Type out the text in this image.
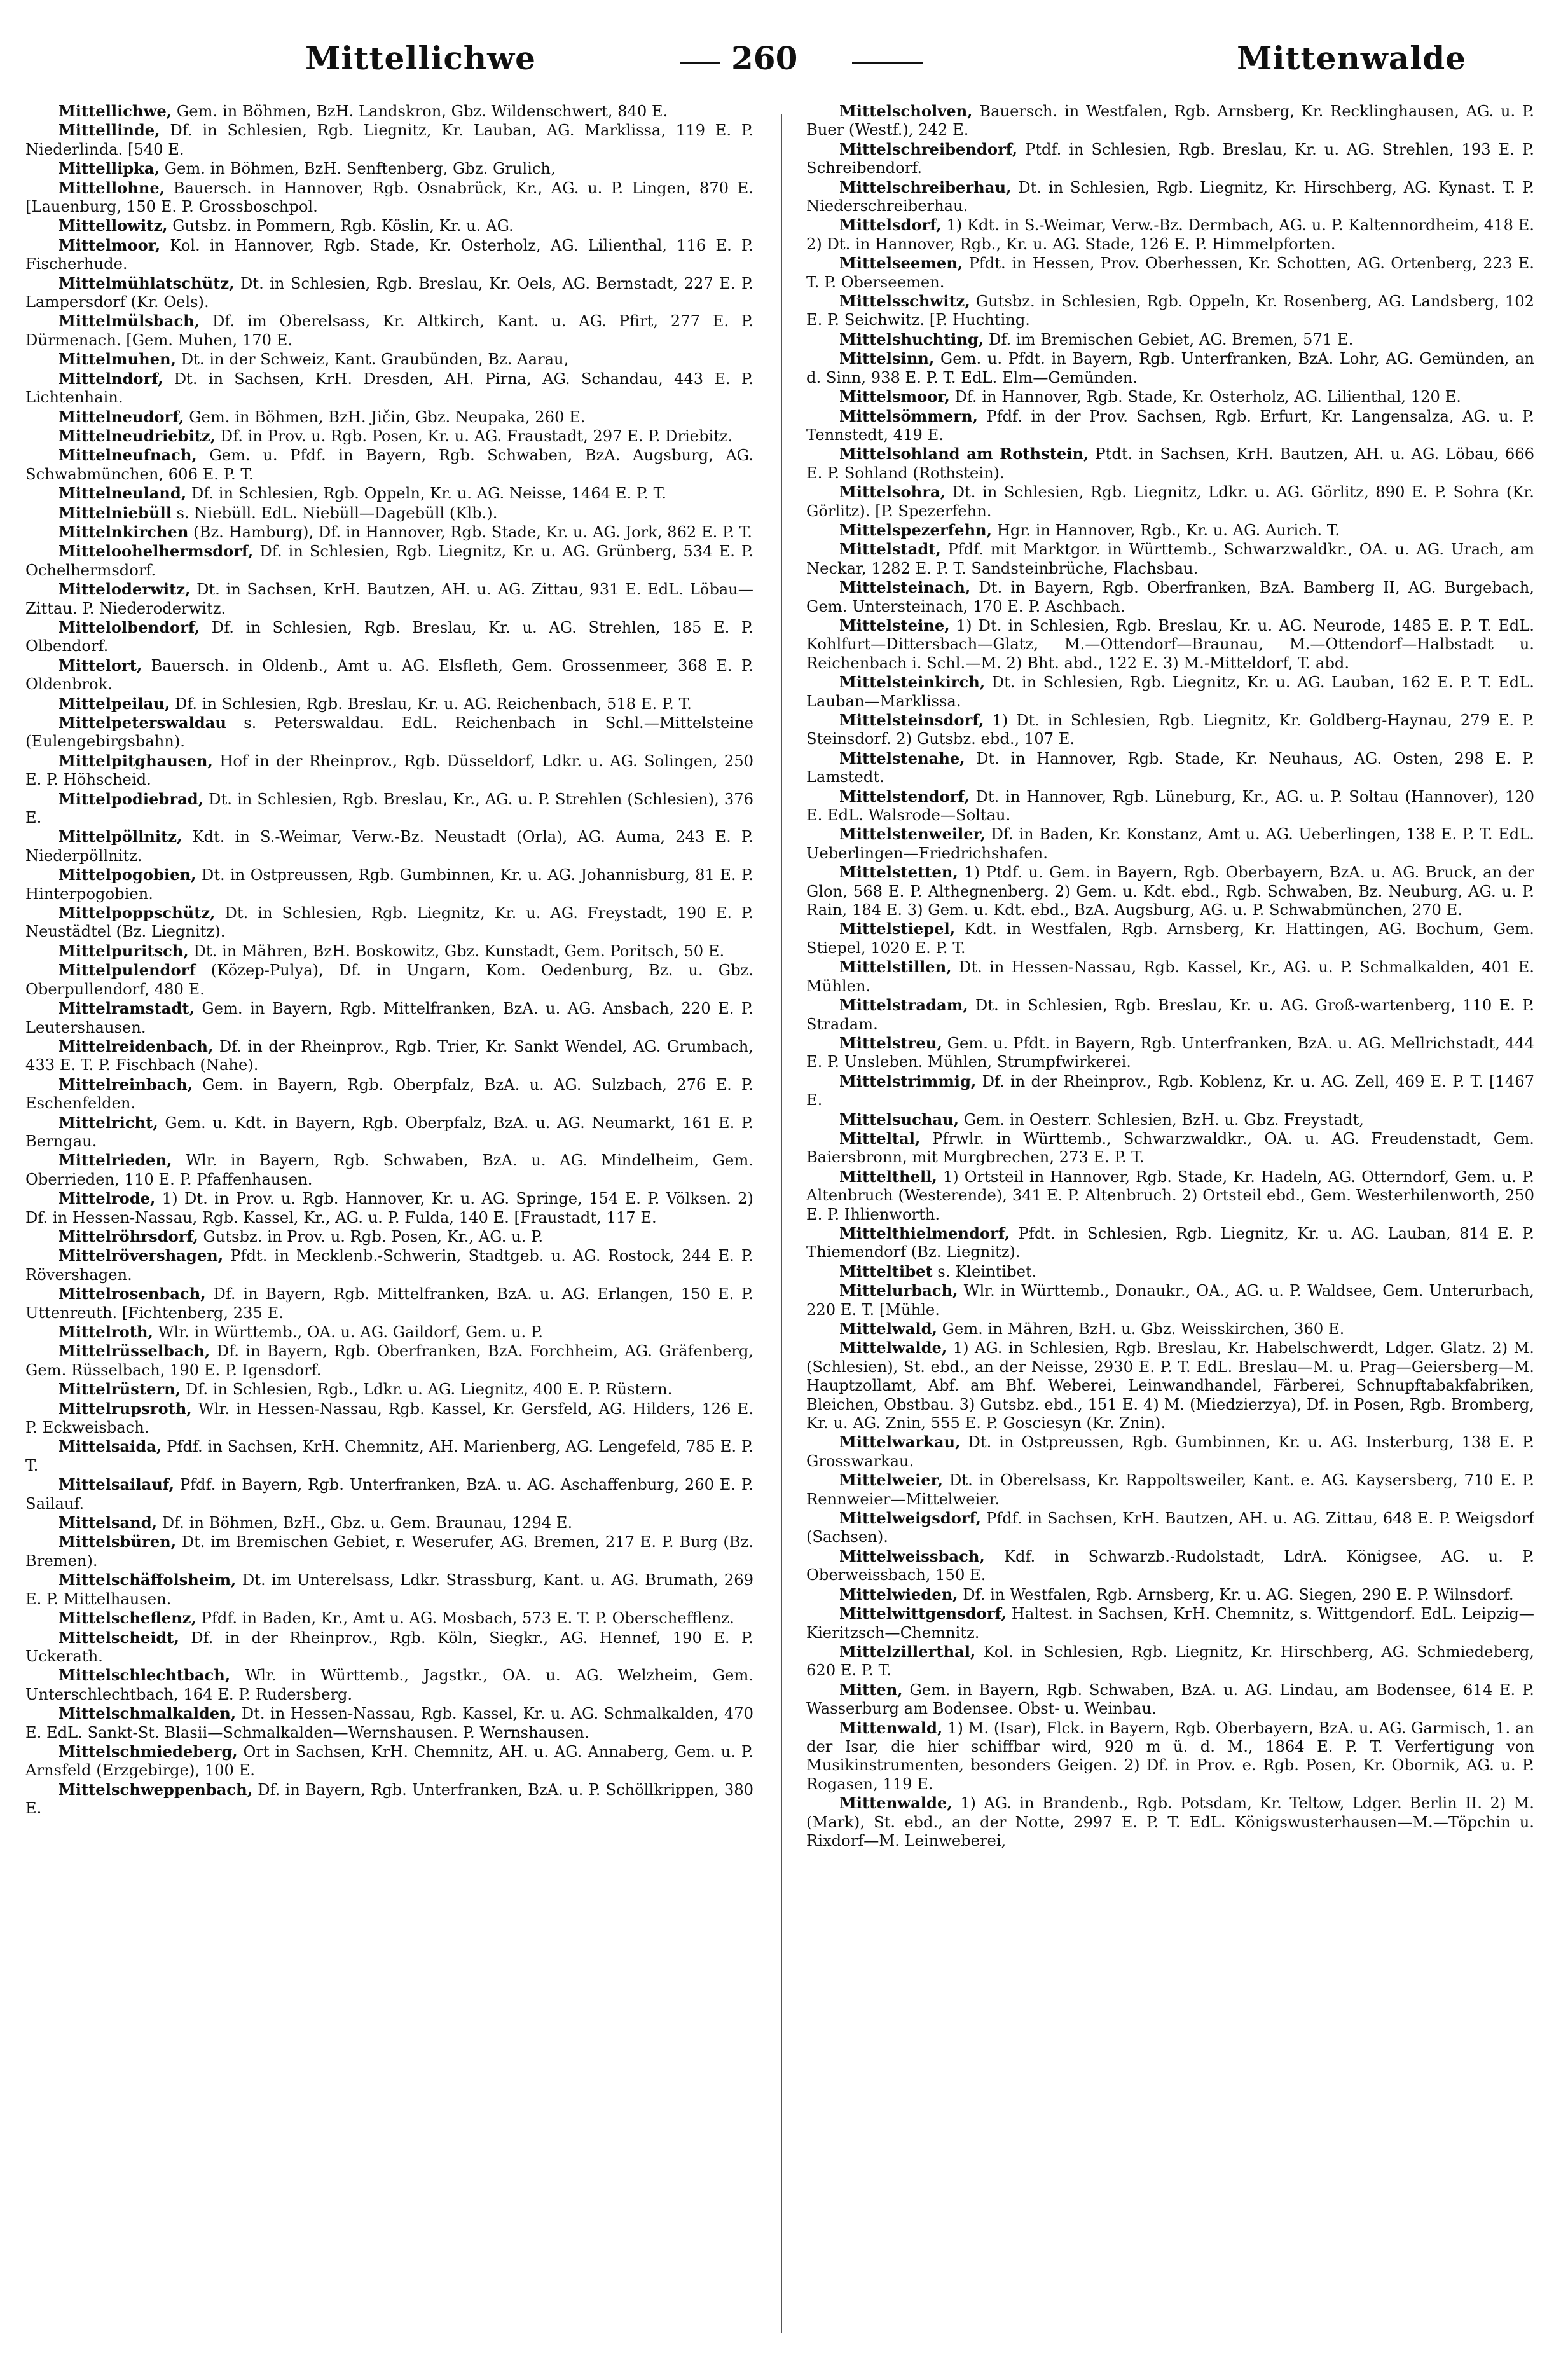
Mittellichwe	260	Mittenwalde

Mittellichwe, Gem. in Böhmen, BzH. Landskron, Gbz. Wildenschwert, 840 E.

Mittellinde, Df. in Schlesien, Rgb. Liegnitz, Kr. Lauban, AG. Marklissa, 119 E. P. Niederlinda. [540 E.

Mittellipka, Gem. in Böhmen, BzH. Senftenberg, Gbz. Grulich,

Mittellohne, Bauersch. in Hannover, Rgb. Osnabrück, Kr., AG. u. P. Lingen, 870 E. [Lauenburg, 150 E. P. Grossboschpol.

Mittellowitz, Gutsbz. in Pommern, Rgb. Köslin, Kr. u. AG.

Mittelmoor, Kol. in Hannover, Rgb. Stade, Kr. Osterholz, AG. Lilienthal, 116 E. P. Fischerhude.

Mittelmühlatschütz, Dt. in Schlesien, Rgb. Breslau, Kr. Oels, AG. Bernstadt, 227 E. P. Lampersdorf (Kr. Oels).

Mittelmülsbach, Df. im Oberelsass, Kr. Altkirch, Kant. u. AG. Pfirt, 277 E. P. Dürmenach. [Gem. Muhen, 170 E.

Mittelmuhen, Dt. in der Schweiz, Kant. Graubünden, Bz. Aarau,

Mittelndorf, Dt. in Sachsen, KrH. Dresden, AH. Pirna, AG. Schandau, 443 E. P. Lichtenhain.

Mittelneudorf, Gem. in Böhmen, BzH. Jičin, Gbz. Neupaka, 260 E.

Mittelneudriebitz, Df. in Prov. u. Rgb. Posen, Kr. u. AG. Fraustadt, 297 E. P. Driebitz.

Mittelneufnach, Gem. u. Pfdf. in Bayern, Rgb. Schwaben, BzA. Augsburg, AG. Schwabmünchen, 606 E. P. T.

Mittelneuland, Df. in Schlesien, Rgb. Oppeln, Kr. u. AG. Neisse, 1464 E. P. T.

Mittelniebüll s. Niebüll. EdL. Niebüll—Dagebüll (Klb.).

Mittelnkirchen (Bz. Hamburg), Df. in Hannover, Rgb. Stade, Kr. u. AG. Jork, 862 E. P. T.

Mitteloohelhermsdorf, Df. in Schlesien, Rgb. Liegnitz, Kr. u. AG. Grünberg, 534 E. P. Ochelhermsdorf.

Mitteloderwitz, Dt. in Sachsen, KrH. Bautzen, AH. u. AG. Zittau, 931 E. EdL. Löbau—Zittau. P. Niederoderwitz.

Mittelolbendorf, Df. in Schlesien, Rgb. Breslau, Kr. u. AG. Strehlen, 185 E. P. Olbendorf.

Mittelort, Bauersch. in Oldenb., Amt u. AG. Elsfleth, Gem. Grossenmeer, 368 E. P. Oldenbrok.

Mittelpeilau, Df. in Schlesien, Rgb. Breslau, Kr. u. AG. Reichenbach, 518 E. P. T.

Mittelpeterswaldau s. Peterswaldau. EdL. Reichenbach in Schl.—Mittelsteine (Eulengebirgsbahn).

Mittelpitghausen, Hof in der Rheinprov., Rgb. Düsseldorf, Ldkr. u. AG. Solingen, 250 E. P. Höhscheid.

Mittelpodiebrad, Dt. in Schlesien, Rgb. Breslau, Kr., AG. u. P. Strehlen (Schlesien), 376 E.

Mittelpöllnitz, Kdt. in S.-Weimar, Verw.-Bz. Neustadt (Orla), AG. Auma, 243 E. P. Niederpöllnitz.

Mittelpogobien, Dt. in Ostpreussen, Rgb. Gumbinnen, Kr. u. AG. Johannisburg, 81 E. P. Hinterpogobien.

Mittelpoppschütz, Dt. in Schlesien, Rgb. Liegnitz, Kr. u. AG. Freystadt, 190 E. P. Neustädtel (Bz. Liegnitz).

Mittelpuritsch, Dt. in Mähren, BzH. Boskowitz, Gbz. Kunstadt, Gem. Poritsch, 50 E.

Mittelpulendorf (Közep-Pulya), Df. in Ungarn, Kom. Oedenburg, Bz. u. Gbz. Oberpullendorf, 480 E.

Mittelramstadt, Gem. in Bayern, Rgb. Mittelfranken, BzA. u. AG. Ansbach, 220 E. P. Leutershausen.

Mittelreidenbach, Df. in der Rheinprov., Rgb. Trier, Kr. Sankt Wendel, AG. Grumbach, 433 E. T. P. Fischbach (Nahe).

Mittelreinbach, Gem. in Bayern, Rgb. Oberpfalz, BzA. u. AG. Sulzbach, 276 E. P. Eschenfelden.

Mittelricht, Gem. u. Kdt. in Bayern, Rgb. Oberpfalz, BzA. u. AG. Neumarkt, 161 E. P. Berngau.

Mittelrieden, Wlr. in Bayern, Rgb. Schwaben, BzA. u. AG. Mindelheim, Gem. Oberrieden, 110 E. P. Pfaffenhausen.

Mittelrode, 1) Dt. in Prov. u. Rgb. Hannover, Kr. u. AG. Springe, 154 E. P. Völksen. 2) Df. in Hessen-Nassau, Rgb. Kassel, Kr., AG. u. P. Fulda, 140 E. [Fraustadt, 117 E.

Mittelröhrsdorf, Gutsbz. in Prov. u. Rgb. Posen, Kr., AG. u. P.

Mittelrövershagen, Pfdt. in Mecklenb.-Schwerin, Stadtgeb. u. AG. Rostock, 244 E. P. Rövershagen.

Mittelrosenbach, Df. in Bayern, Rgb. Mittelfranken, BzA. u. AG. Erlangen, 150 E. P. Uttenreuth. [Fichtenberg, 235 E.

Mittelroth, Wlr. in Württemb., OA. u. AG. Gaildorf, Gem. u. P.

Mittelrüsselbach, Df. in Bayern, Rgb. Oberfranken, BzA. Forchheim, AG. Gräfenberg, Gem. Rüsselbach, 190 E. P. Igensdorf.

Mittelrüstern, Df. in Schlesien, Rgb., Ldkr. u. AG. Liegnitz, 400 E. P. Rüstern.

Mittelrupsroth, Wlr. in Hessen-Nassau, Rgb. Kassel, Kr. Gersfeld, AG. Hilders, 126 E. P. Eckweisbach.

Mittelsaida, Pfdf. in Sachsen, KrH. Chemnitz, AH. Marienberg, AG. Lengefeld, 785 E. P. T.

Mittelsailauf, Pfdf. in Bayern, Rgb. Unterfranken, BzA. u. AG. Aschaffenburg, 260 E. P. Sailauf.

Mittelsand, Df. in Böhmen, BzH., Gbz. u. Gem. Braunau, 1294 E.

Mittelsbüren, Dt. im Bremischen Gebiet, r. Weserufer, AG. Bremen, 217 E. P. Burg (Bz. Bremen).

Mittelschäffolsheim, Dt. im Unterelsass, Ldkr. Strassburg, Kant. u. AG. Brumath, 269 E. P. Mittelhausen.

Mittelscheflenz, Pfdf. in Baden, Kr., Amt u. AG. Mosbach, 573 E. T. P. Oberschefflenz.

Mittelscheidt, Df. in der Rheinprov., Rgb. Köln, Siegkr., AG. Hennef, 190 E. P. Uckerath.

Mittelschlechtbach, Wlr. in Württemb., Jagstkr., OA. u. AG. Welzheim, Gem. Unterschlechtbach, 164 E. P. Rudersberg.

Mittelschmalkalden, Dt. in Hessen-Nassau, Rgb. Kassel, Kr. u. AG. Schmalkalden, 470 E. EdL. Sankt-St. Blasii—Schmalkalden—Wernshausen. P. Wernshausen.

Mittelschmiedeberg, Ort in Sachsen, KrH. Chemnitz, AH. u. AG. Annaberg, Gem. u. P. Arnsfeld (Erzgebirge), 100 E.

Mittelschweppenbach, Df. in Bayern, Rgb. Unterfranken, BzA. u. P. Schöllkrippen, 380 E.

Mittelscholven, Bauersch. in Westfalen, Rgb. Arnsberg, Kr. Recklinghausen, AG. u. P. Buer (Westf.), 242 E.

Mittelschreibendorf, Ptdf. in Schlesien, Rgb. Breslau, Kr. u. AG. Strehlen, 193 E. P. Schreibendorf.

Mittelschreiberhau, Dt. in Schlesien, Rgb. Liegnitz, Kr. Hirschberg, AG. Kynast. T. P. Niederschreiberhau.

Mittelsdorf, 1) Kdt. in S.-Weimar, Verw.-Bz. Dermbach, AG. u. P. Kaltennordheim, 418 E. 2) Dt. in Hannover, Rgb., Kr. u. AG. Stade, 126 E. P. Himmelpforten.

Mittelseemen, Pfdt. in Hessen, Prov. Oberhessen, Kr. Schotten, AG. Ortenberg, 223 E. T. P. Oberseemen.

Mittelsschwitz, Gutsbz. in Schlesien, Rgb. Oppeln, Kr. Rosenberg, AG. Landsberg, 102 E. P. Seichwitz. [P. Huchting.

Mittelshuchting, Df. im Bremischen Gebiet, AG. Bremen, 571 E.

Mittelsinn, Gem. u. Pfdt. in Bayern, Rgb. Unterfranken, BzA. Lohr, AG. Gemünden, an d. Sinn, 938 E. P. T. EdL. Elm—Gemünden.

Mittelsmoor, Df. in Hannover, Rgb. Stade, Kr. Osterholz, AG. Lilienthal, 120 E.

Mittelsömmern, Pfdf. in der Prov. Sachsen, Rgb. Erfurt, Kr. Langensalza, AG. u. P. Tennstedt, 419 E.

Mittelsohland am Rothstein, Ptdt. in Sachsen, KrH. Bautzen, AH. u. AG. Löbau, 666 E. P. Sohland (Rothstein).

Mittelsohra, Dt. in Schlesien, Rgb. Liegnitz, Ldkr. u. AG. Görlitz, 890 E. P. Sohra (Kr. Görlitz). [P. Spezerfehn.

Mittelspezerfehn, Hgr. in Hannover, Rgb., Kr. u. AG. Aurich. T.

Mittelstadt, Pfdf. mit Marktgor. in Württemb., Schwarzwaldkr., OA. u. AG. Urach, am Neckar, 1282 E. P. T. Sandsteinbrüche, Flachsbau.

Mittelsteinach, Dt. in Bayern, Rgb. Oberfranken, BzA. Bamberg II, AG. Burgebach, Gem. Untersteinach, 170 E. P. Aschbach.

Mittelsteine, 1) Dt. in Schlesien, Rgb. Breslau, Kr. u. AG. Neurode, 1485 E. P. T. EdL. Kohlfurt—Dittersbach—Glatz, M.—Ottendorf—Braunau, M.—Ottendorf—Halbstadt u. Reichenbach i. Schl.—M. 2) Bht. abd., 122 E. 3) M.-Mitteldorf, T. abd.

Mittelsteinkirch, Dt. in Schlesien, Rgb. Liegnitz, Kr. u. AG. Lauban, 162 E. P. T. EdL. Lauban—Marklissa.

Mittelsteinsdorf, 1) Dt. in Schlesien, Rgb. Liegnitz, Kr. Goldberg-Haynau, 279 E. P. Steinsdorf. 2) Gutsbz. ebd., 107 E.

Mittelstenahe, Dt. in Hannover, Rgb. Stade, Kr. Neuhaus, AG. Osten, 298 E. P. Lamstedt.

Mittelstendorf, Dt. in Hannover, Rgb. Lüneburg, Kr., AG. u. P. Soltau (Hannover), 120 E. EdL. Walsrode—Soltau.

Mittelstenweiler, Df. in Baden, Kr. Konstanz, Amt u. AG. Ueberlingen, 138 E. P. T. EdL. Ueberlingen—Friedrichshafen.

Mittelstetten, 1) Ptdf. u. Gem. in Bayern, Rgb. Oberbayern, BzA. u. AG. Bruck, an der Glon, 568 E. P. Althegnenberg. 2) Gem. u. Kdt. ebd., Rgb. Schwaben, Bz. Neuburg, AG. u. P. Rain, 184 E. 3) Gem. u. Kdt. ebd., BzA. Augsburg, AG. u. P. Schwabmünchen, 270 E.

Mittelstiepel, Kdt. in Westfalen, Rgb. Arnsberg, Kr. Hattingen, AG. Bochum, Gem. Stiepel, 1020 E. P. T.

Mittelstillen, Dt. in Hessen-Nassau, Rgb. Kassel, Kr., AG. u. P. Schmalkalden, 401 E. Mühlen.

Mittelstradam, Dt. in Schlesien, Rgb. Breslau, Kr. u. AG. Groß-wartenberg, 110 E. P. Stradam.

Mittelstreu, Gem. u. Pfdt. in Bayern, Rgb. Unterfranken, BzA. u. AG. Mellrichstadt, 444 E. P. Unsleben. Mühlen, Strumpfwirkerei.

Mittelstrimmig, Df. in der Rheinprov., Rgb. Koblenz, Kr. u. AG. Zell, 469 E. P. T. [1467 E.

Mittelsuchau, Gem. in Oesterr. Schlesien, BzH. u. Gbz. Freystadt,

Mitteltal, Pfrwlr. in Württemb., Schwarzwaldkr., OA. u. AG. Freudenstadt, Gem. Baiersbronn, mit Murgbrechen, 273 E. P. T.

Mittelthell, 1) Ortsteil in Hannover, Rgb. Stade, Kr. Hadeln, AG. Otterndorf, Gem. u. P. Altenbruch (Westerende), 341 E. P. Altenbruch. 2) Ortsteil ebd., Gem. Westerhilenworth, 250 E. P. Ihlienworth.

Mittelthielmendorf, Pfdt. in Schlesien, Rgb. Liegnitz, Kr. u. AG. Lauban, 814 E. P. Thiemendorf (Bz. Liegnitz).

Mitteltibet s. Kleintibet.

Mittelurbach, Wlr. in Württemb., Donaukr., OA., AG. u. P. Waldsee, Gem. Unterurbach, 220 E. T. [Mühle.

Mittelwald, Gem. in Mähren, BzH. u. Gbz. Weisskirchen, 360 E.

Mittelwalde, 1) AG. in Schlesien, Rgb. Breslau, Kr. Habelschwerdt, Ldger. Glatz. 2) M. (Schlesien), St. ebd., an der Neisse, 2930 E. P. T. EdL. Breslau—M. u. Prag—Geiersberg—M. Hauptzollamt, Abf. am Bhf. Weberei, Leinwandhandel, Färberei, Schnupftabakfabriken, Bleichen, Obstbau. 3) Gutsbz. ebd., 151 E. 4) M. (Miedzierzya), Df. in Posen, Rgb. Bromberg, Kr. u. AG. Znin, 555 E. P. Gosciesyn (Kr. Znin).

Mittelwarkau, Dt. in Ostpreussen, Rgb. Gumbinnen, Kr. u. AG. Insterburg, 138 E. P. Grosswarkau.

Mittelweier, Dt. in Oberelsass, Kr. Rappoltsweiler, Kant. e. AG. Kaysersberg, 710 E. P. Rennweier—Mittelweier.

Mittelweigsdorf, Pfdf. in Sachsen, KrH. Bautzen, AH. u. AG. Zittau, 648 E. P. Weigsdorf (Sachsen).

Mittelweissbach, Kdf. in Schwarzb.-Rudolstadt, LdrA. Königsee, AG. u. P. Oberweissbach, 150 E.

Mittelwieden, Df. in Westfalen, Rgb. Arnsberg, Kr. u. AG. Siegen, 290 E. P. Wilnsdorf.

Mittelwittgensdorf, Haltest. in Sachsen, KrH. Chemnitz, s. Wittgendorf. EdL. Leipzig—Kieritzsch—Chemnitz.

Mittelzillerthal, Kol. in Schlesien, Rgb. Liegnitz, Kr. Hirschberg, AG. Schmiedeberg, 620 E. P. T.

Mitten, Gem. in Bayern, Rgb. Schwaben, BzA. u. AG. Lindau, am Bodensee, 614 E. P. Wasserburg am Bodensee. Obst- u. Weinbau.

Mittenwald, 1) M. (Isar), Flck. in Bayern, Rgb. Oberbayern, BzA. u. AG. Garmisch, 1. an der Isar, die hier schiffbar wird, 920 m ü. d. M., 1864 E. P. T. Verfertigung von Musikinstrumenten, besonders Geigen. 2) Df. in Prov. e. Rgb. Posen, Kr. Obornik, AG. u. P. Rogasen, 119 E.

Mittenwalde, 1) AG. in Brandenb., Rgb. Potsdam, Kr. Teltow, Ldger. Berlin II. 2) M. (Mark), St. ebd., an der Notte, 2997 E. P. T. EdL. Königswusterhausen—M.—Töpchin u. Rixdorf—M. Leinweberei,
